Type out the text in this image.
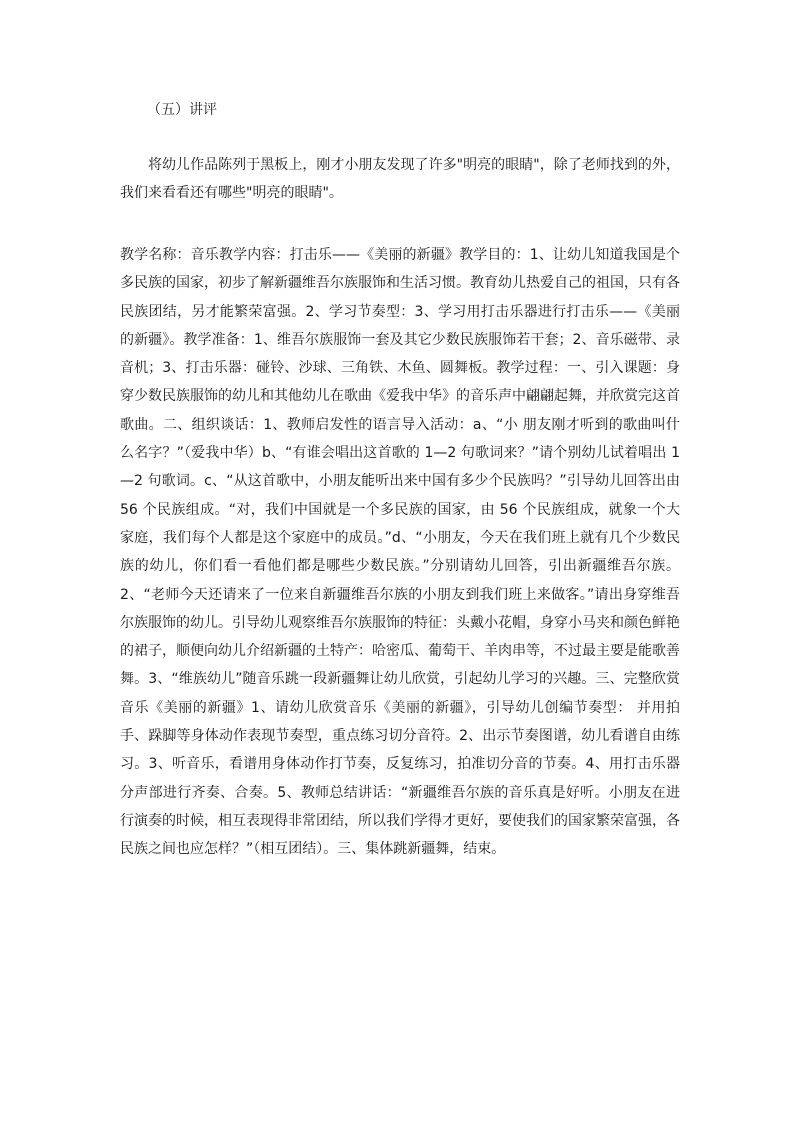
（五）讲评

将幼儿作品陈列于黑板上，刚才小朋友发现了许多"明亮的眼睛"，除了老师找到的外，我们来看看还有哪些"明亮的眼睛"。

教学名称：音乐教学内容：打击乐——《美丽的新疆》教学目的：1、让幼儿知道我国是个多民族的国家，初步了解新疆维吾尔族服饰和生活习惯。教育幼儿热爱自己的祖国，只有各民族团结，另才能繁荣富强。2、学习节奏型：3、学习用打击乐器进行打击乐——《美丽的新疆》。教学准备：1、维吾尔族服饰一套及其它少数民族服饰若干套；2、音乐磁带、录音机；3、打击乐器：碰铃、沙球、三角铁、木鱼、圆舞板。教学过程：一、引入课题：身穿少数民族服饰的幼儿和其他幼儿在歌曲《爱我中华》的音乐声中翩翩起舞，并欣赏完这首歌曲。二、组织谈话：1、教师启发性的语言导入活动：a、“小 朋友刚才听到的歌曲叫什么名字？”（爱我中华）b、“有谁会唱出这首歌的 1—2 句歌词来？”请个别幼儿试着唱出 1—2 句歌词。c、“从这首歌中，小朋友能听出来中国有多少个民族吗？”引导幼儿回答出由 56 个民族组成。“对，我们中国就是一个多民族的国家，由 56 个民族组成，就象一个大家庭，我们每个人都是这个家庭中的成员。”d、“小朋友，今天在我们班上就有几个少数民族的幼儿，你们看一看他们都是哪些少数民族。”分别请幼儿回答，引出新疆维吾尔族。2、“老师今天还请来了一位来自新疆维吾尔族的小朋友到我们班上来做客。”请出身穿维吾尔族服饰的幼儿。引导幼儿观察维吾尔族服饰的特征：头戴小花帽，身穿小马夹和颜色鲜艳的裙子，顺便向幼儿介绍新疆的土特产：哈密瓜、葡萄干、羊肉串等，不过最主要是能歌善舞。3、“维族幼儿”随音乐跳一段新疆舞让幼儿欣赏，引起幼儿学习的兴趣。三、完整欣赏音乐《美丽的新疆》1、请幼儿欣赏音乐《美丽的新疆》，引导幼儿创编节奏型： 并用拍手、跺脚等身体动作表现节奏型，重点练习切分音符。2、出示节奏图谱，幼儿看谱自由练习。3、听音乐，看谱用身体动作打节奏，反复练习，拍准切分音的节奏。4、用打击乐器分声部进行齐奏、合奏。5、教师总结讲话：“新疆维吾尔族的音乐真是好听。小朋友在进行演奏的时候，相互表现得非常团结，所以我们学得才更好，要使我们的国家繁荣富强，各民族之间也应怎样？”（相互团结）。三、集体跳新疆舞，结束。
